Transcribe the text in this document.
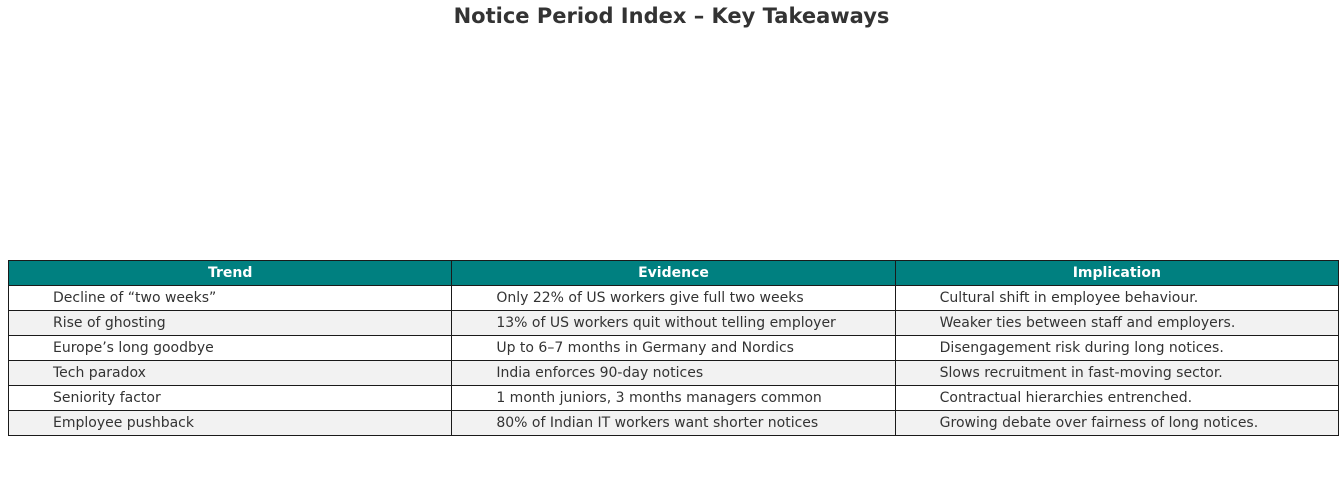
Notice Period Index – Key Takeaways
Trend	Evidence	Implication
Decline of “two weeks”	Only 22% of US workers give full two weeks	Cultural shift in employee behaviour.
Rise of ghosting	13% of US workers quit without telling employer	Weaker ties between staff and employers.
Europe’s long goodbye	Up to 6–7 months in Germany and Nordics	Disengagement risk during long notices.
Tech paradox	India enforces 90-day notices	Slows recruitment in fast-moving sector.
Seniority factor	1 month juniors, 3 months managers common	Contractual hierarchies entrenched.
Employee pushback	80% of Indian IT workers want shorter notices	Growing debate over fairness of long notices.
